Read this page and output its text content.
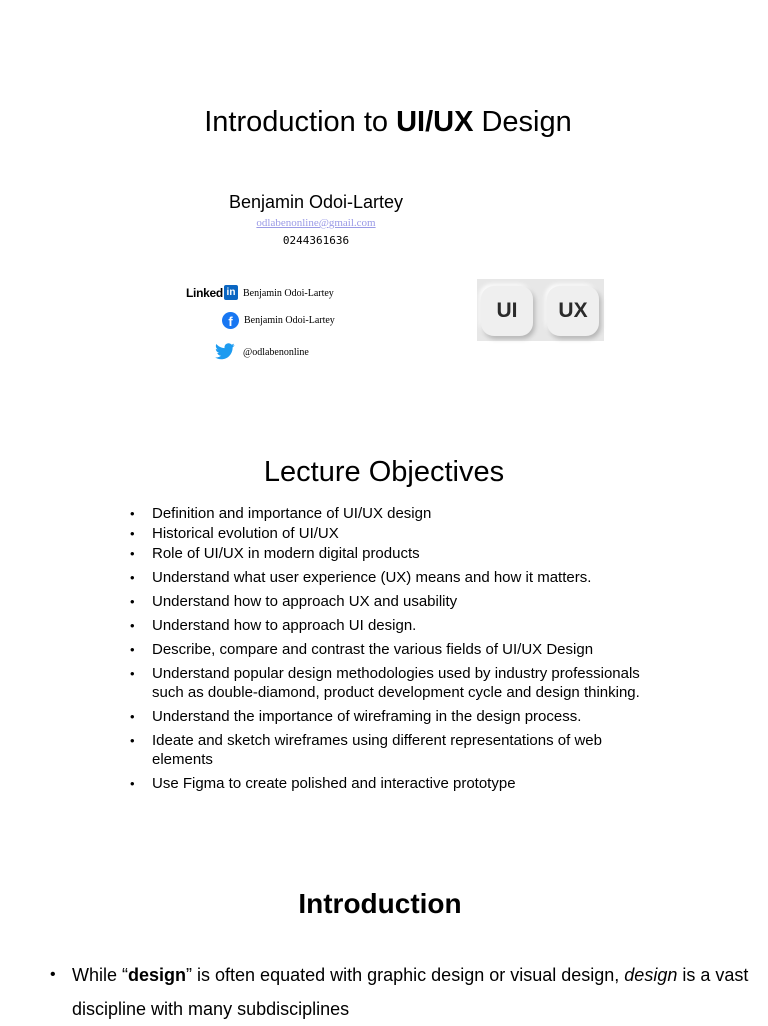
Introduction to UI/UX Design
Benjamin Odoi-Lartey
odlabenonline@gmail.com
0244361636
Linked in Benjamin Odoi-Lartey
f	Benjamin Odoi-Lartey
@odlabenonline
UI	UX
Lecture Objectives
• Definition and importance of UI/UX design
• Historical evolution of UI/UX
• Role of UI/UX in modern digital products
• Understand what user experience (UX) means and how it matters.
• Understand how to approach UX and usability
• Understand how to approach UI design.
• Describe, compare and contrast the various fields of UI/UX Design
• Understand popular design methodologies used by industry professionals such as double-diamond, product development cycle and design thinking.
• Understand the importance of wireframing in the design process.
• Ideate and sketch wireframes using different representations of web elements
• Use Figma to create polished and interactive prototype
Introduction
• While “design” is often equated with graphic design or visual design, design is a vast discipline with many subdisciplines
